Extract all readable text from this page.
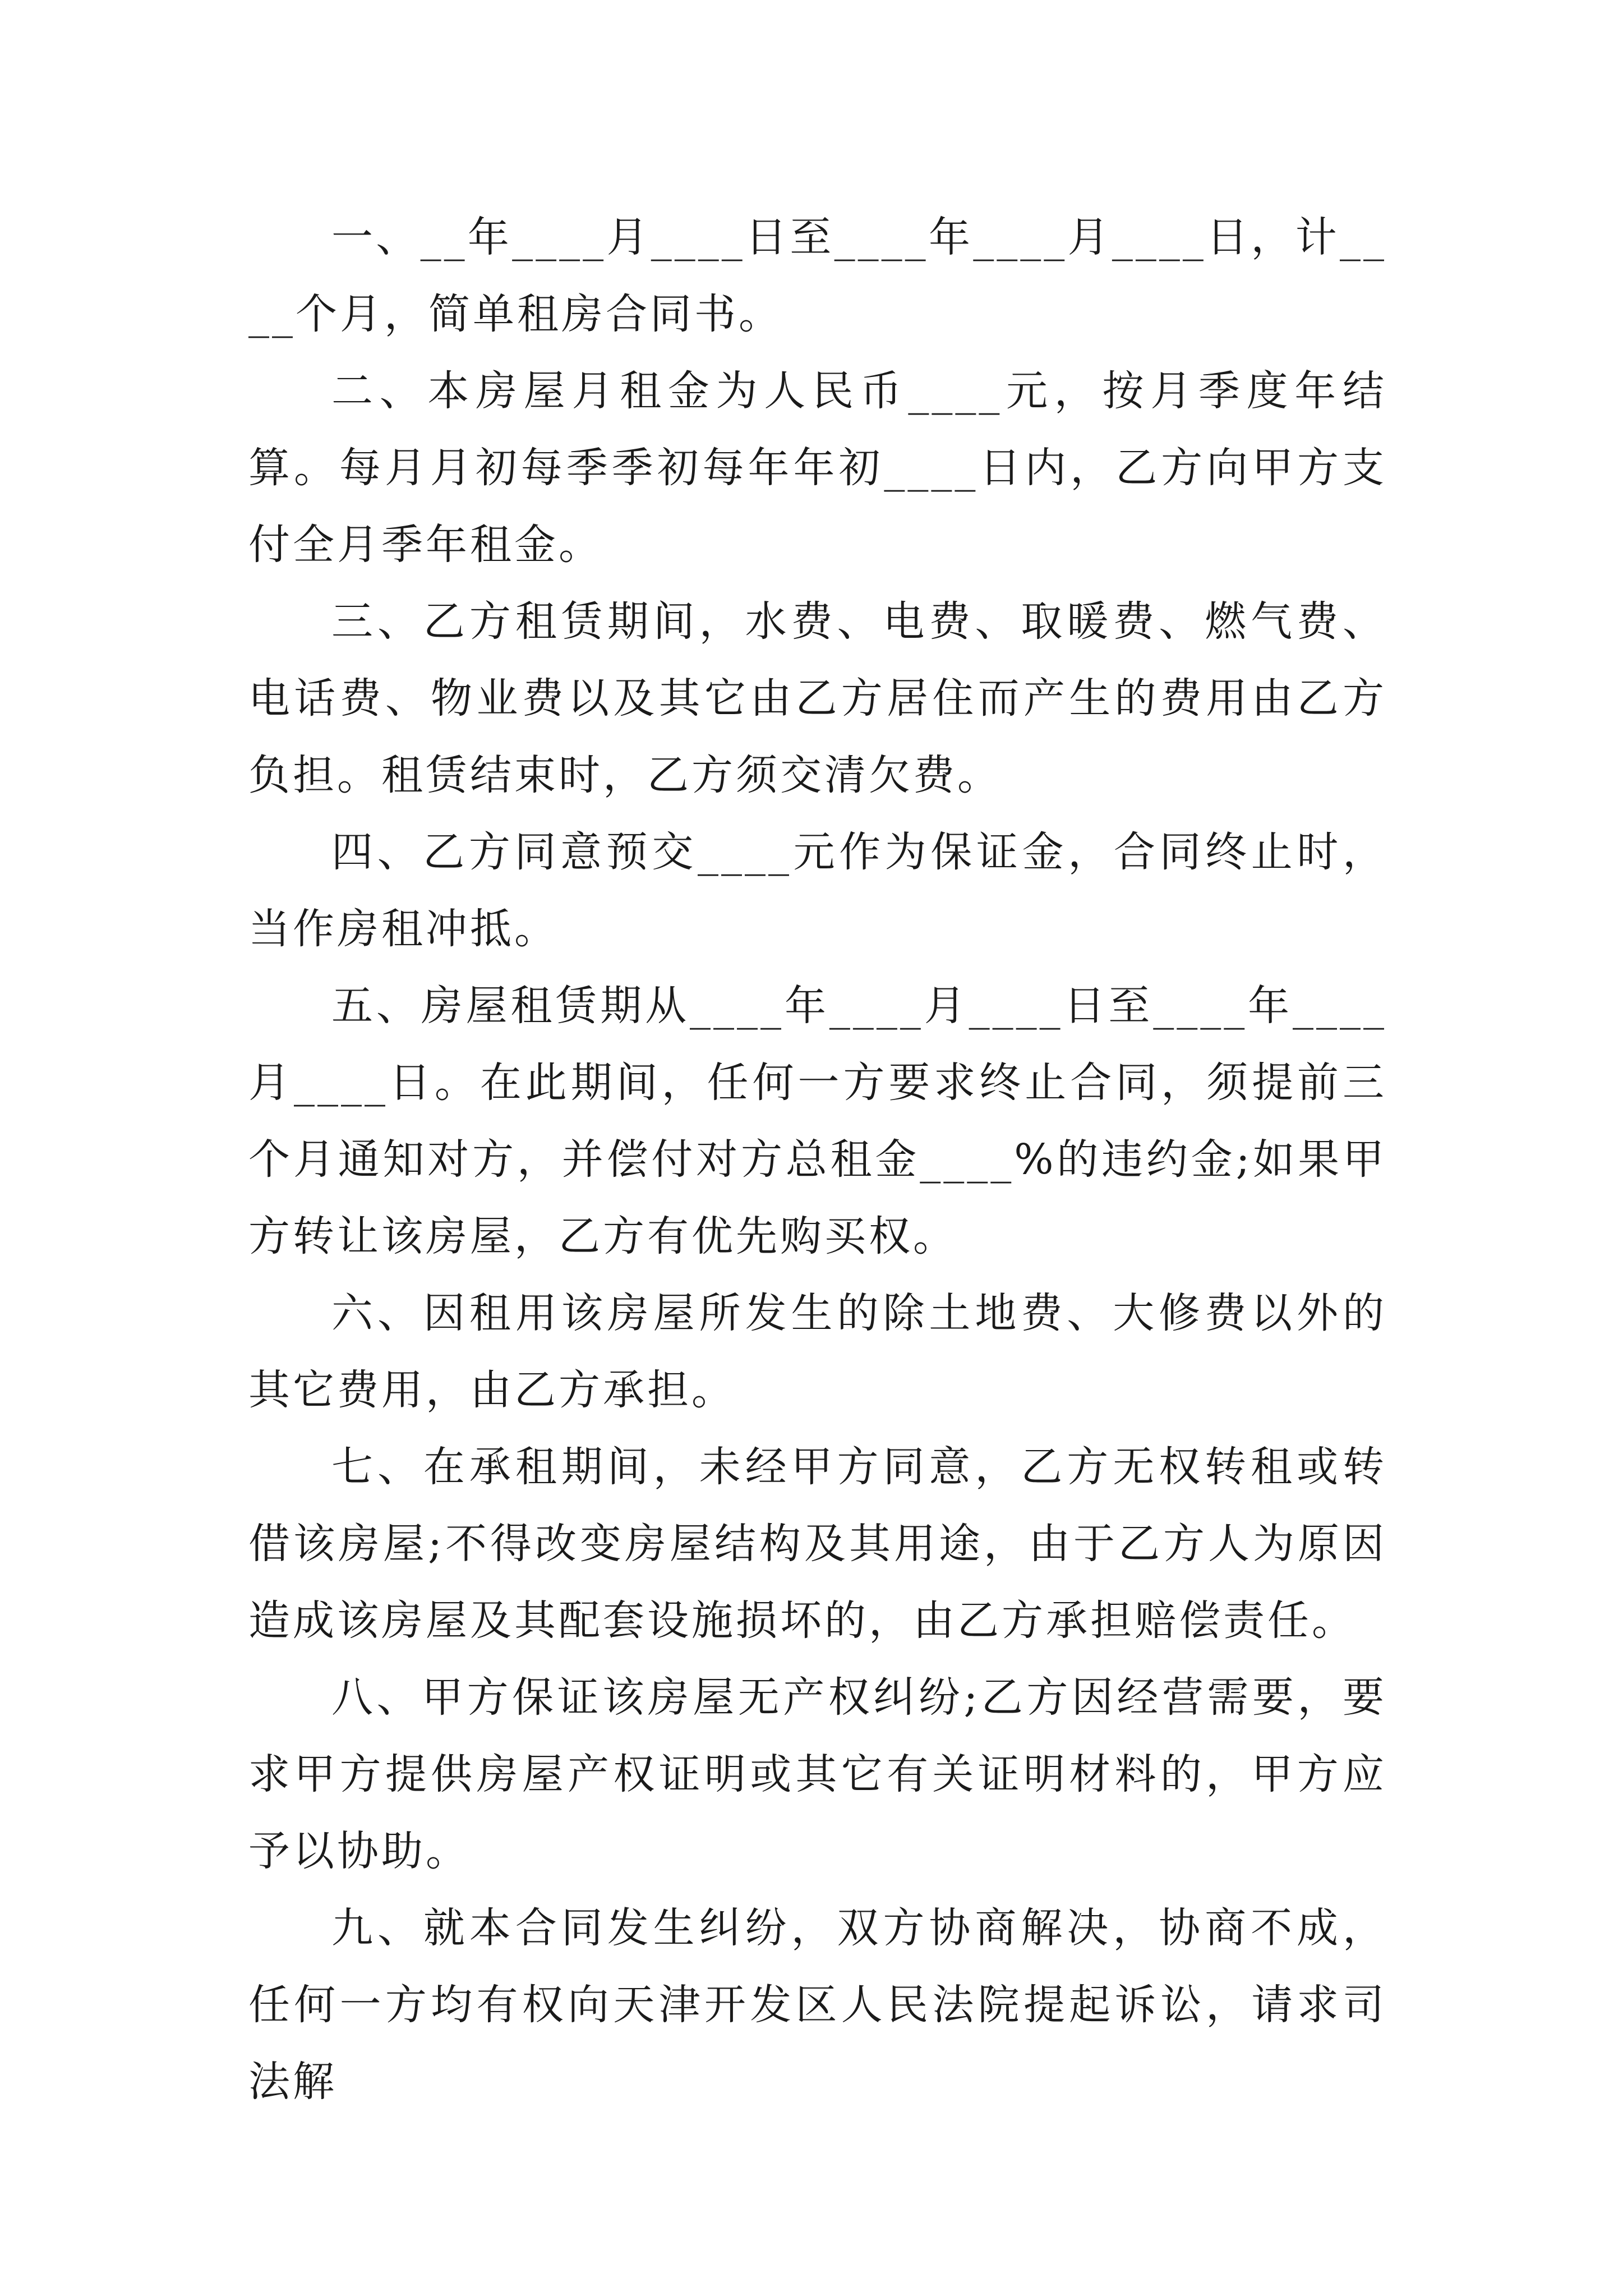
一、__年____月____日至____年____月____日，计____个月，简单租房合同书。

二、本房屋月租金为人民币____元，按月季度年结算。每月月初每季季初每年年初____日内，乙方向甲方支付全月季年租金。

三、乙方租赁期间，水费、电费、取暖费、燃气费、电话费、物业费以及其它由乙方居住而产生的费用由乙方负担。租赁结束时，乙方须交清欠费。

四、乙方同意预交____元作为保证金，合同终止时，当作房租冲抵。

五、房屋租赁期从____年____月____日至____年____月____日。在此期间，任何一方要求终止合同，须提前三个月通知对方，并偿付对方总租金____%的违约金;如果甲方转让该房屋，乙方有优先购买权。

六、因租用该房屋所发生的除土地费、大修费以外的其它费用，由乙方承担。

七、在承租期间，未经甲方同意，乙方无权转租或转借该房屋;不得改变房屋结构及其用途，由于乙方人为原因造成该房屋及其配套设施损坏的，由乙方承担赔偿责任。

八、甲方保证该房屋无产权纠纷;乙方因经营需要，要求甲方提供房屋产权证明或其它有关证明材料的，甲方应予以协助。

九、就本合同发生纠纷，双方协商解决，协商不成，任何一方均有权向天津开发区人民法院提起诉讼，请求司法解
